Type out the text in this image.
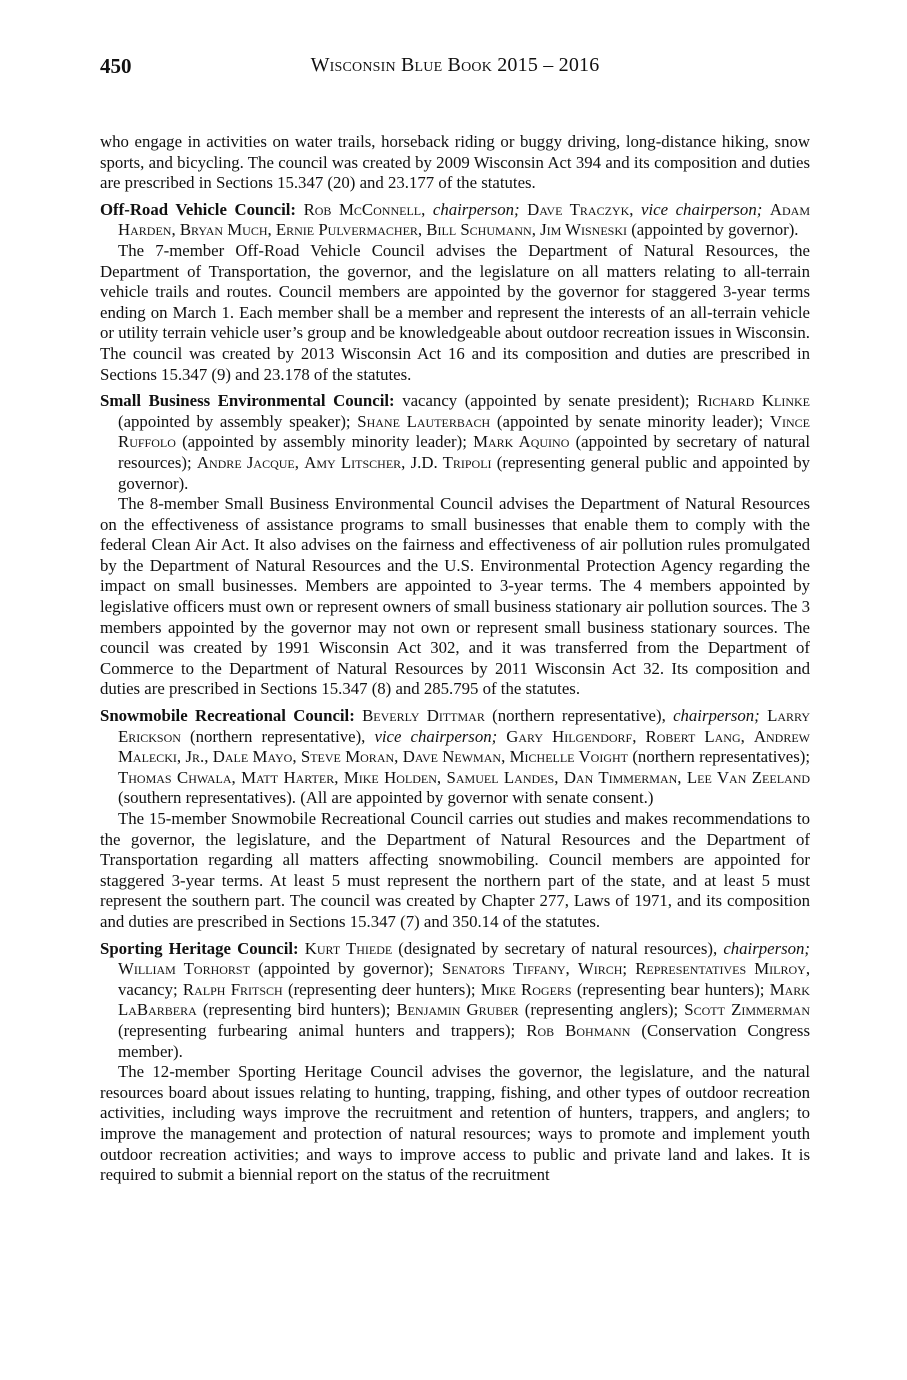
450	Wisconsin Blue Book 2015 – 2016

who engage in activities on water trails, horseback riding or buggy driving, long-distance hiking, snow sports, and bicycling. The council was created by 2009 Wisconsin Act 394 and its composition and duties are prescribed in Sections 15.347 (20) and 23.177 of the statutes.

Off-Road Vehicle Council: Rob McConnell, chairperson; Dave Traczyk, vice chairperson; Adam Harden, Bryan Much, Ernie Pulvermacher, Bill Schumann, Jim Wisneski (appointed by governor).

The 7-member Off-Road Vehicle Council advises the Department of Natural Resources, the Department of Transportation, the governor, and the legislature on all matters relating to all-terrain vehicle trails and routes. Council members are appointed by the governor for staggered 3-year terms ending on March 1. Each member shall be a member and represent the interests of an all-terrain vehicle or utility terrain vehicle user’s group and be knowledgeable about outdoor recreation issues in Wisconsin. The council was created by 2013 Wisconsin Act 16 and its composition and duties are prescribed in Sections 15.347 (9) and 23.178 of the statutes.

Small Business Environmental Council: vacancy (appointed by senate president); Richard Klinke (appointed by assembly speaker); Shane Lauterbach (appointed by senate minority leader); Vince Ruffolo (appointed by assembly minority leader); Mark Aquino (appointed by secretary of natural resources); Andre Jacque, Amy Litscher, J.D. Tripoli (representing general public and appointed by governor).

The 8-member Small Business Environmental Council advises the Department of Natural Resources on the effectiveness of assistance programs to small businesses that enable them to comply with the federal Clean Air Act. It also advises on the fairness and effectiveness of air pollution rules promulgated by the Department of Natural Resources and the U.S. Environmental Protection Agency regarding the impact on small businesses. Members are appointed to 3-year terms. The 4 members appointed by legislative officers must own or represent owners of small business stationary air pollution sources. The 3 members appointed by the governor may not own or represent small business stationary sources. The council was created by 1991 Wisconsin Act 302, and it was transferred from the Department of Commerce to the Department of Natural Resources by 2011 Wisconsin Act 32. Its composition and duties are prescribed in Sections 15.347 (8) and 285.795 of the statutes.

Snowmobile Recreational Council: Beverly Dittmar (northern representative), chairperson; Larry Erickson (northern representative), vice chairperson; Gary Hilgendorf, Robert Lang, Andrew Malecki, Jr., Dale Mayo, Steve Moran, Dave Newman, Michelle Voight (northern representatives); Thomas Chwala, Matt Harter, Mike Holden, Samuel Landes, Dan Timmerman, Lee Van Zeeland (southern representatives). (All are appointed by governor with senate consent.)

The 15-member Snowmobile Recreational Council carries out studies and makes recommendations to the governor, the legislature, and the Department of Natural Resources and the Department of Transportation regarding all matters affecting snowmobiling. Council members are appointed for staggered 3-year terms. At least 5 must represent the northern part of the state, and at least 5 must represent the southern part. The council was created by Chapter 277, Laws of 1971, and its composition and duties are prescribed in Sections 15.347 (7) and 350.14 of the statutes.

Sporting Heritage Council: Kurt Thiede (designated by secretary of natural resources), chairperson; William Torhorst (appointed by governor); Senators Tiffany, Wirch; Representatives Milroy, vacancy; Ralph Fritsch (representing deer hunters); Mike Rogers (representing bear hunters); Mark LaBarbera (representing bird hunters); Benjamin Gruber (representing anglers); Scott Zimmerman (representing furbearing animal hunters and trappers); Rob Bohmann (Conservation Congress member).

The 12-member Sporting Heritage Council advises the governor, the legislature, and the natural resources board about issues relating to hunting, trapping, fishing, and other types of outdoor recreation activities, including ways improve the recruitment and retention of hunters, trappers, and anglers; to improve the management and protection of natural resources; ways to promote and implement youth outdoor recreation activities; and ways to improve access to public and private land and lakes. It is required to submit a biennial report on the status of the recruitment
